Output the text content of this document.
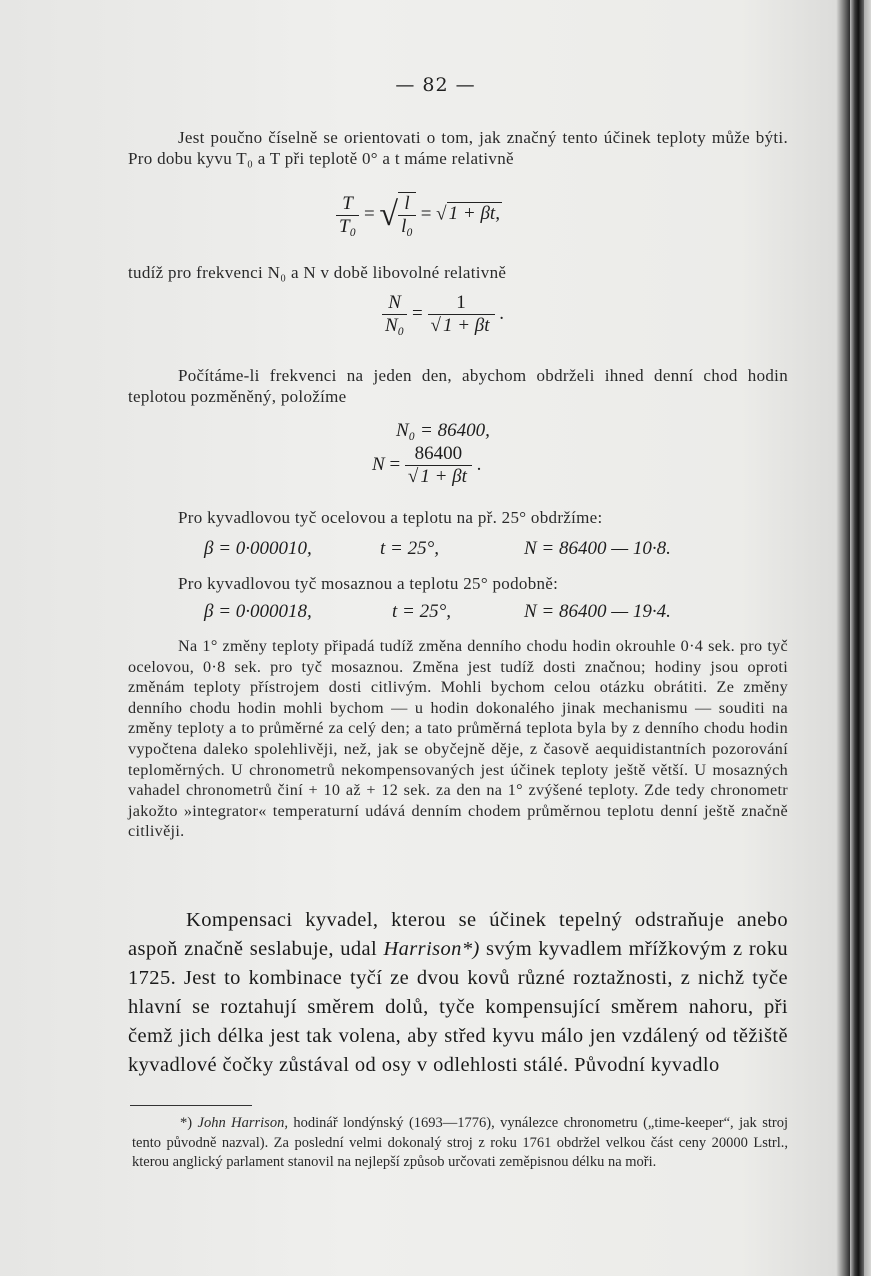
— 82 —
Jest poučno číselně se orientovati o tom, jak značný tento účinek teploty může býti. Pro dobu kyvu T₀ a T při teplotě 0° a t máme relativně
$\frac{T}{\text{T₀}}$ = √ $\frac{l}{\text{l₀}}$ = √ 1 + βt,
tudíž pro frekvenci N₀ a N v době libovolné relativně
$\frac{N}{\text{N₀}} = \frac{1}{√ 1 + \beta t}$ .
Počítáme-li frekvenci na jeden den, abychom obdrželi ihned denní chod hodin teplotou pozměněný, položíme
N₀ = 86400,
$N = \frac{86400}{√ 1 + \beta t}$ .
Pro kyvadlovou tyč ocelovou a teplotu na př. 25° obdržíme:
β = 0·000010,	t = 25°,	N = 86400 — 10·8.
Pro kyvadlovou tyč mosaznou a teplotu 25° podobně:
β = 0·000018,	t = 25°,	N = 86400 — 19·4.
Na 1° změny teploty připadá tudíž změna denního chodu hodin okrouhle 0·4 sek. pro tyč ocelovou, 0·8 sek. pro tyč mosaznou. Změna jest tudíž dosti značnou; hodiny jsou oproti změnám teploty přístrojem dosti citlivým. Mohli bychom celou otázku obrátiti. Ze změny denního chodu hodin mohli bychom — u hodin dokonalého jinak mechanismu — souditi na změny teploty a to průměrné za celý den; a tato průměrná teplota byla by z denního chodu hodin vypočtena daleko spolehlivěji, než, jak se obyčejně děje, z časově aequidistantních pozorování teploměrných. U chronometrů nekompensovaných jest účinek teploty ještě větší. U mosazných vahadel chronometrů činí + 10 až + 12 sek. za den na 1° zvýšené teploty. Zde tedy chronometr jakožto »integrator« temperaturní udává denním chodem průměrnou teplotu denní ještě značně citlivěji.
Kompensaci kyvadel, kterou se účinek tepelný odstraňuje anebo aspoň značně seslabuje, udal Harrison*) svým kyvadlem mřížkovým z roku 1725. Jest to kombinace tyčí ze dvou kovů různé roztažnosti, z nichž tyče hlavní se roztahují směrem dolů, tyče kompensující směrem nahoru, při čemž jich délka jest tak volena, aby střed kyvu málo jen vzdálený od těžiště kyvadlové čočky zůstával od osy v odlehlosti stálé. Původní kyvadlo
*) John Harrison, hodinář londýnský (1693—1776), vynálezce chronometru („time-keeper“, jak stroj tento původně nazval). Za poslední velmi dokonalý stroj z roku 1761 obdržel velkou část ceny 20000 Lstrl., kterou anglický parlament stanovil na nejlepší způsob určovati zeměpisnou délku na moři.
